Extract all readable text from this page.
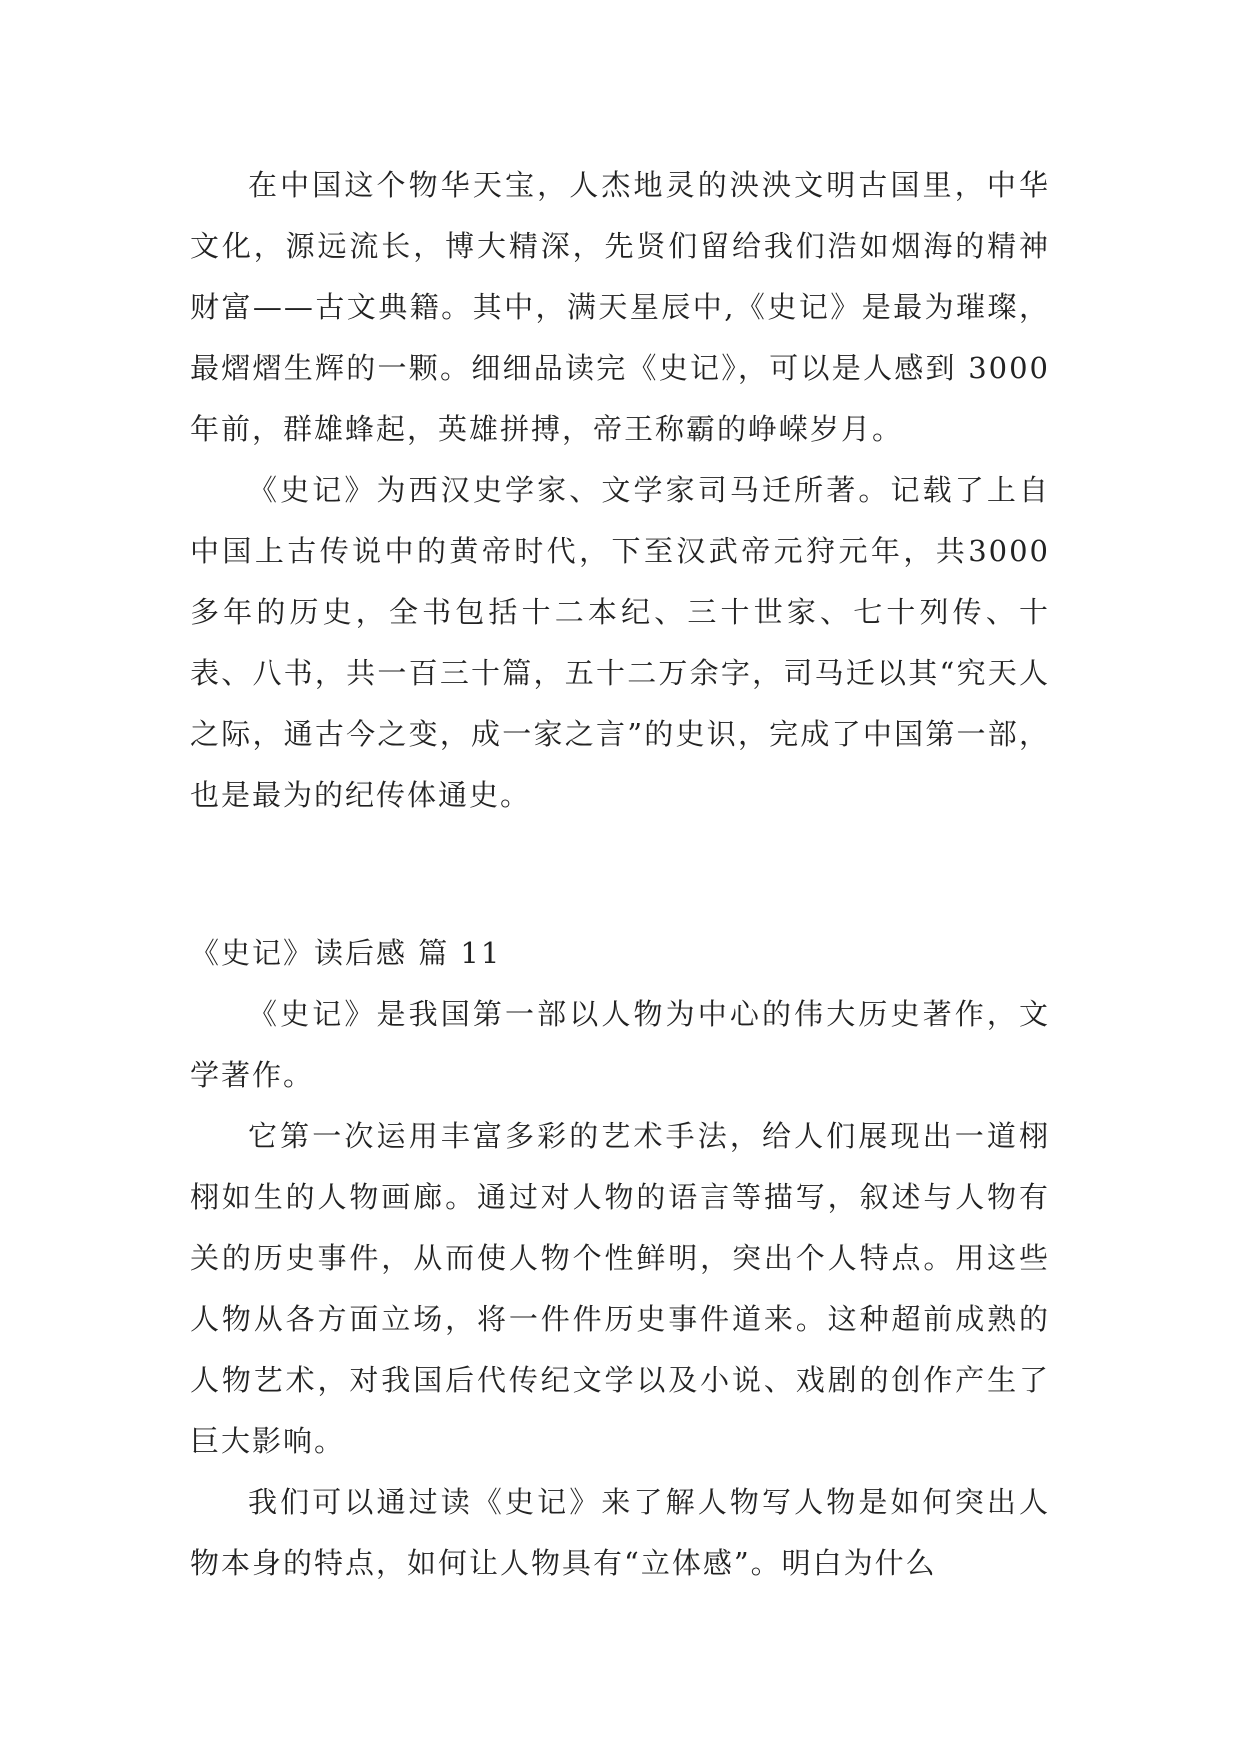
在中国这个物华天宝，人杰地灵的泱泱文明古国里，中华文化，源远流长，博大精深，先贤们留给我们浩如烟海的精神财富——古文典籍。其中，满天星辰中,《史记》是最为璀璨，最熠熠生辉的一颗。细细品读完《史记》，可以是人感到 3000 年前，群雄蜂起，英雄拼搏，帝王称霸的峥嵘岁月。

《史记》为西汉史学家、文学家司马迁所著。记载了上自中国上古传说中的黄帝时代，下至汉武帝元狩元年，共3000 多年的历史，全书包括十二本纪、三十世家、七十列传、十表、八书，共一百三十篇，五十二万余字，司马迁以其“究天人之际，通古今之变，成一家之言”的史识，完成了中国第一部，也是最为的纪传体通史。

《史记》读后感 篇 11

《史记》是我国第一部以人物为中心的伟大历史著作，文学著作。

它第一次运用丰富多彩的艺术手法，给人们展现出一道栩栩如生的人物画廊。通过对人物的语言等描写，叙述与人物有关的历史事件，从而使人物个性鲜明，突出个人特点。用这些人物从各方面立场，将一件件历史事件道来。这种超前成熟的人物艺术，对我国后代传纪文学以及小说、戏剧的创作产生了巨大影响。

我们可以通过读《史记》来了解人物写人物是如何突出人物本身的特点，如何让人物具有“立体感”。明白为什么
